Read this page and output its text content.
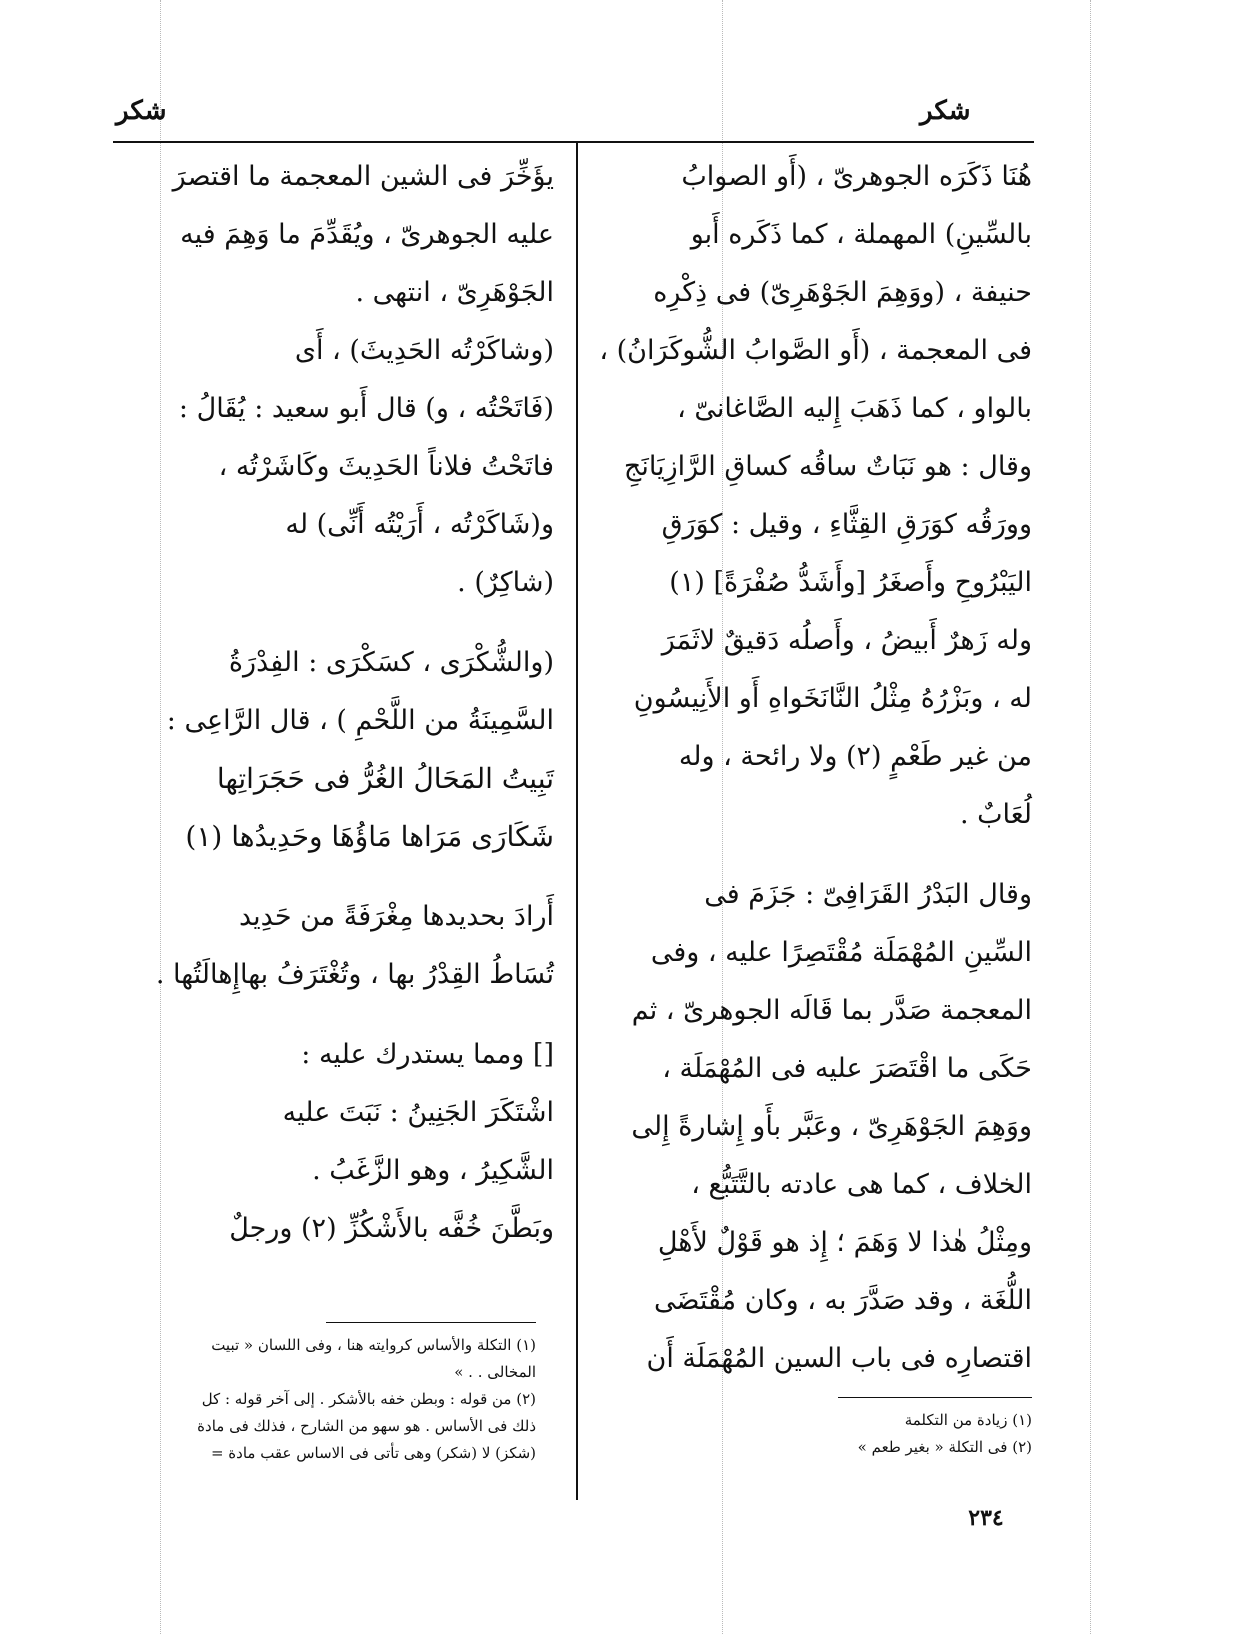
شكر
شكر

هُنَا ذَكَرَه الجوهرىّ ، (أَو الصوابُ

بالسِّينِ) المهملة ، كما ذَكَره أَبو

حنيفة ، (ووَهِمَ الجَوْهَرِىّ) فى ذِكْرِه

فى المعجمة ، (أَو الصَّوابُ الشُّوكَرَانُ) ،

بالواو ، كما ذَهَبَ إِليه الصَّاغانىّ ،

وقال : هو نَبَاتٌ ساقُه كساقِ الرَّازِيَانَجِ

وورَقُه كوَرَقِ القِثَّاءِ ، وقيل : كوَرَقِ

اليَبْرُوحِ وأَصغَرُ [وأَشَدُّ صُفْرَةً] (١)

وله زَهرٌ أَبيضُ ، وأَصلُه دَقيقٌ لاثَمَرَ

له ، وبَزْرُهُ مِثْلُ النَّانَخَواهِ أَو الأَنِيسُونِ

من غير طَعْمٍ (٢) ولا رائحة ، وله

لُعَابٌ .

وقال البَدْرُ القَرَافِىّ : جَزَمَ فى

السِّينِ المُهْمَلَة مُقْتَصِرًا عليه ، وفى

المعجمة صَدَّر بما قَالَه الجوهرىّ ، ثم

حَكَى ما اقْتَصَرَ عليه فى المُهْمَلَة ،

ووَهِمَ الجَوْهَرِىّ ، وعَبَّر بأَو إِشارةً إِلى

الخلاف ، كما هى عادته بالتَّتَبُّع ،

ومِثْلُ هٰذا لا وَهَمَ ؛ إِذ هو قَوْلٌ لأَهْلِ

اللُّغَة ، وقد صَدَّرَ به ، وكان مُقْتَضَى

اقتصارِه فى باب السين المُهْمَلَة أَن

(١) زيادة من التكلمة

(٢) فى التكلة « بغير طعم »

يؤَخِّرَ فى الشين المعجمة ما اقتصرَ

عليه الجوهرىّ ، ويُقَدِّمَ ما وَهِمَ فيه

الجَوْهَرِىّ ، انتهى .

(وشاكَرْتُه الحَدِيثَ) ، أَى

(فَاتَحْتُه ، و) قال أَبو سعيد : يُقَالُ :

فاتَحْتُ فلاناً الحَدِيثَ وكَاشَرْتُه ،

و(شَاكَرْتُه ، أَرَيْتُه أَنِّى) له

(شاكِرٌ) .

(والشُّكْرَى ، كسَكْرَى : الفِدْرَةُ

السَّمِينَةُ من اللَّحْمِ ) ، قال الرَّاعِى :

تَبِيتُ المَحَالُ الغُرُّ فى حَجَرَاتِها

شَكَارَى مَرَاها مَاؤُهَا وحَدِيدُها (١)

أَرادَ بحديدها مِغْرَفَةً من حَدِيد

تُسَاطُ القِدْرُ بها ، وتُغْتَرَفُ بهاإِهالَتُها .

[] ومما يستدرك عليه :

اشْتَكَرَ الجَنِينُ : نَبَتَ عليه

الشَّكِيرُ ، وهو الزَّغَبُ .

وبَطَّنَ خُفَّه بالأَشْكُزِّ (٢) ورجلٌ

(١) التكلة والأساس كروايته هنا ، وفى اللسان « تبيت

المخالى . . »

(٢) من قوله : وبطن خفه بالأشكر . إلى آخر قوله : كل

ذلك فى الأساس . هو سهو من الشارح ، فذلك فى مادة

(شكز) لا (شكر) وهى تأتى فى الاساس عقب مادة =

٢٣٤
